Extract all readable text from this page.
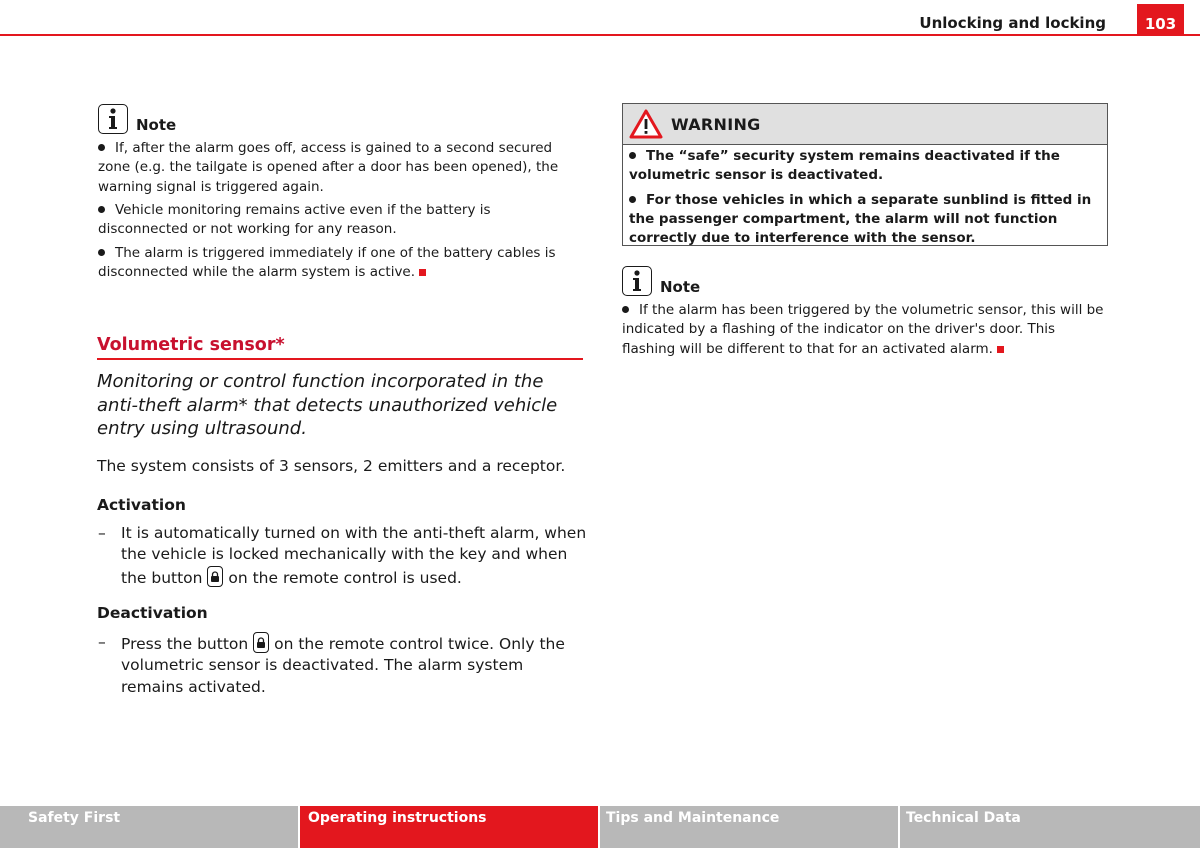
Unlocking and locking	103
Note
If, after the alarm goes off, access is gained to a second secured zone (e.g. the tailgate is opened after a door has been opened), the warning signal is triggered again.
Vehicle monitoring remains active even if the battery is disconnected or not working for any reason.
The alarm is triggered immediately if one of the battery cables is disconnected while the alarm system is active.
Volumetric sensor*
Monitoring or control function incorporated in the anti-theft alarm* that detects unauthorized vehicle entry using ultrasound.
The system consists of 3 sensors, 2 emitters and a receptor.
Activation
– It is automatically turned on with the anti-theft alarm, when the vehicle is locked mechanically with the key and when the button on the remote control is used.
Deactivation
– Press the button on the remote control twice. Only the volumetric sensor is deactivated. The alarm system remains activated.
WARNING

The “safe” security system remains deactivated if the volumetric sensor is deactivated.

For those vehicles in which a separate sunblind is fitted in the passenger compartment, the alarm will not function correctly due to interference with the sensor.

Note
If the alarm has been triggered by the volumetric sensor, this will be indicated by a flashing of the indicator on the driver's door. This flashing will be different to that for an activated alarm.
Safety First	Operating instructions	Tips and Maintenance	Technical Data
